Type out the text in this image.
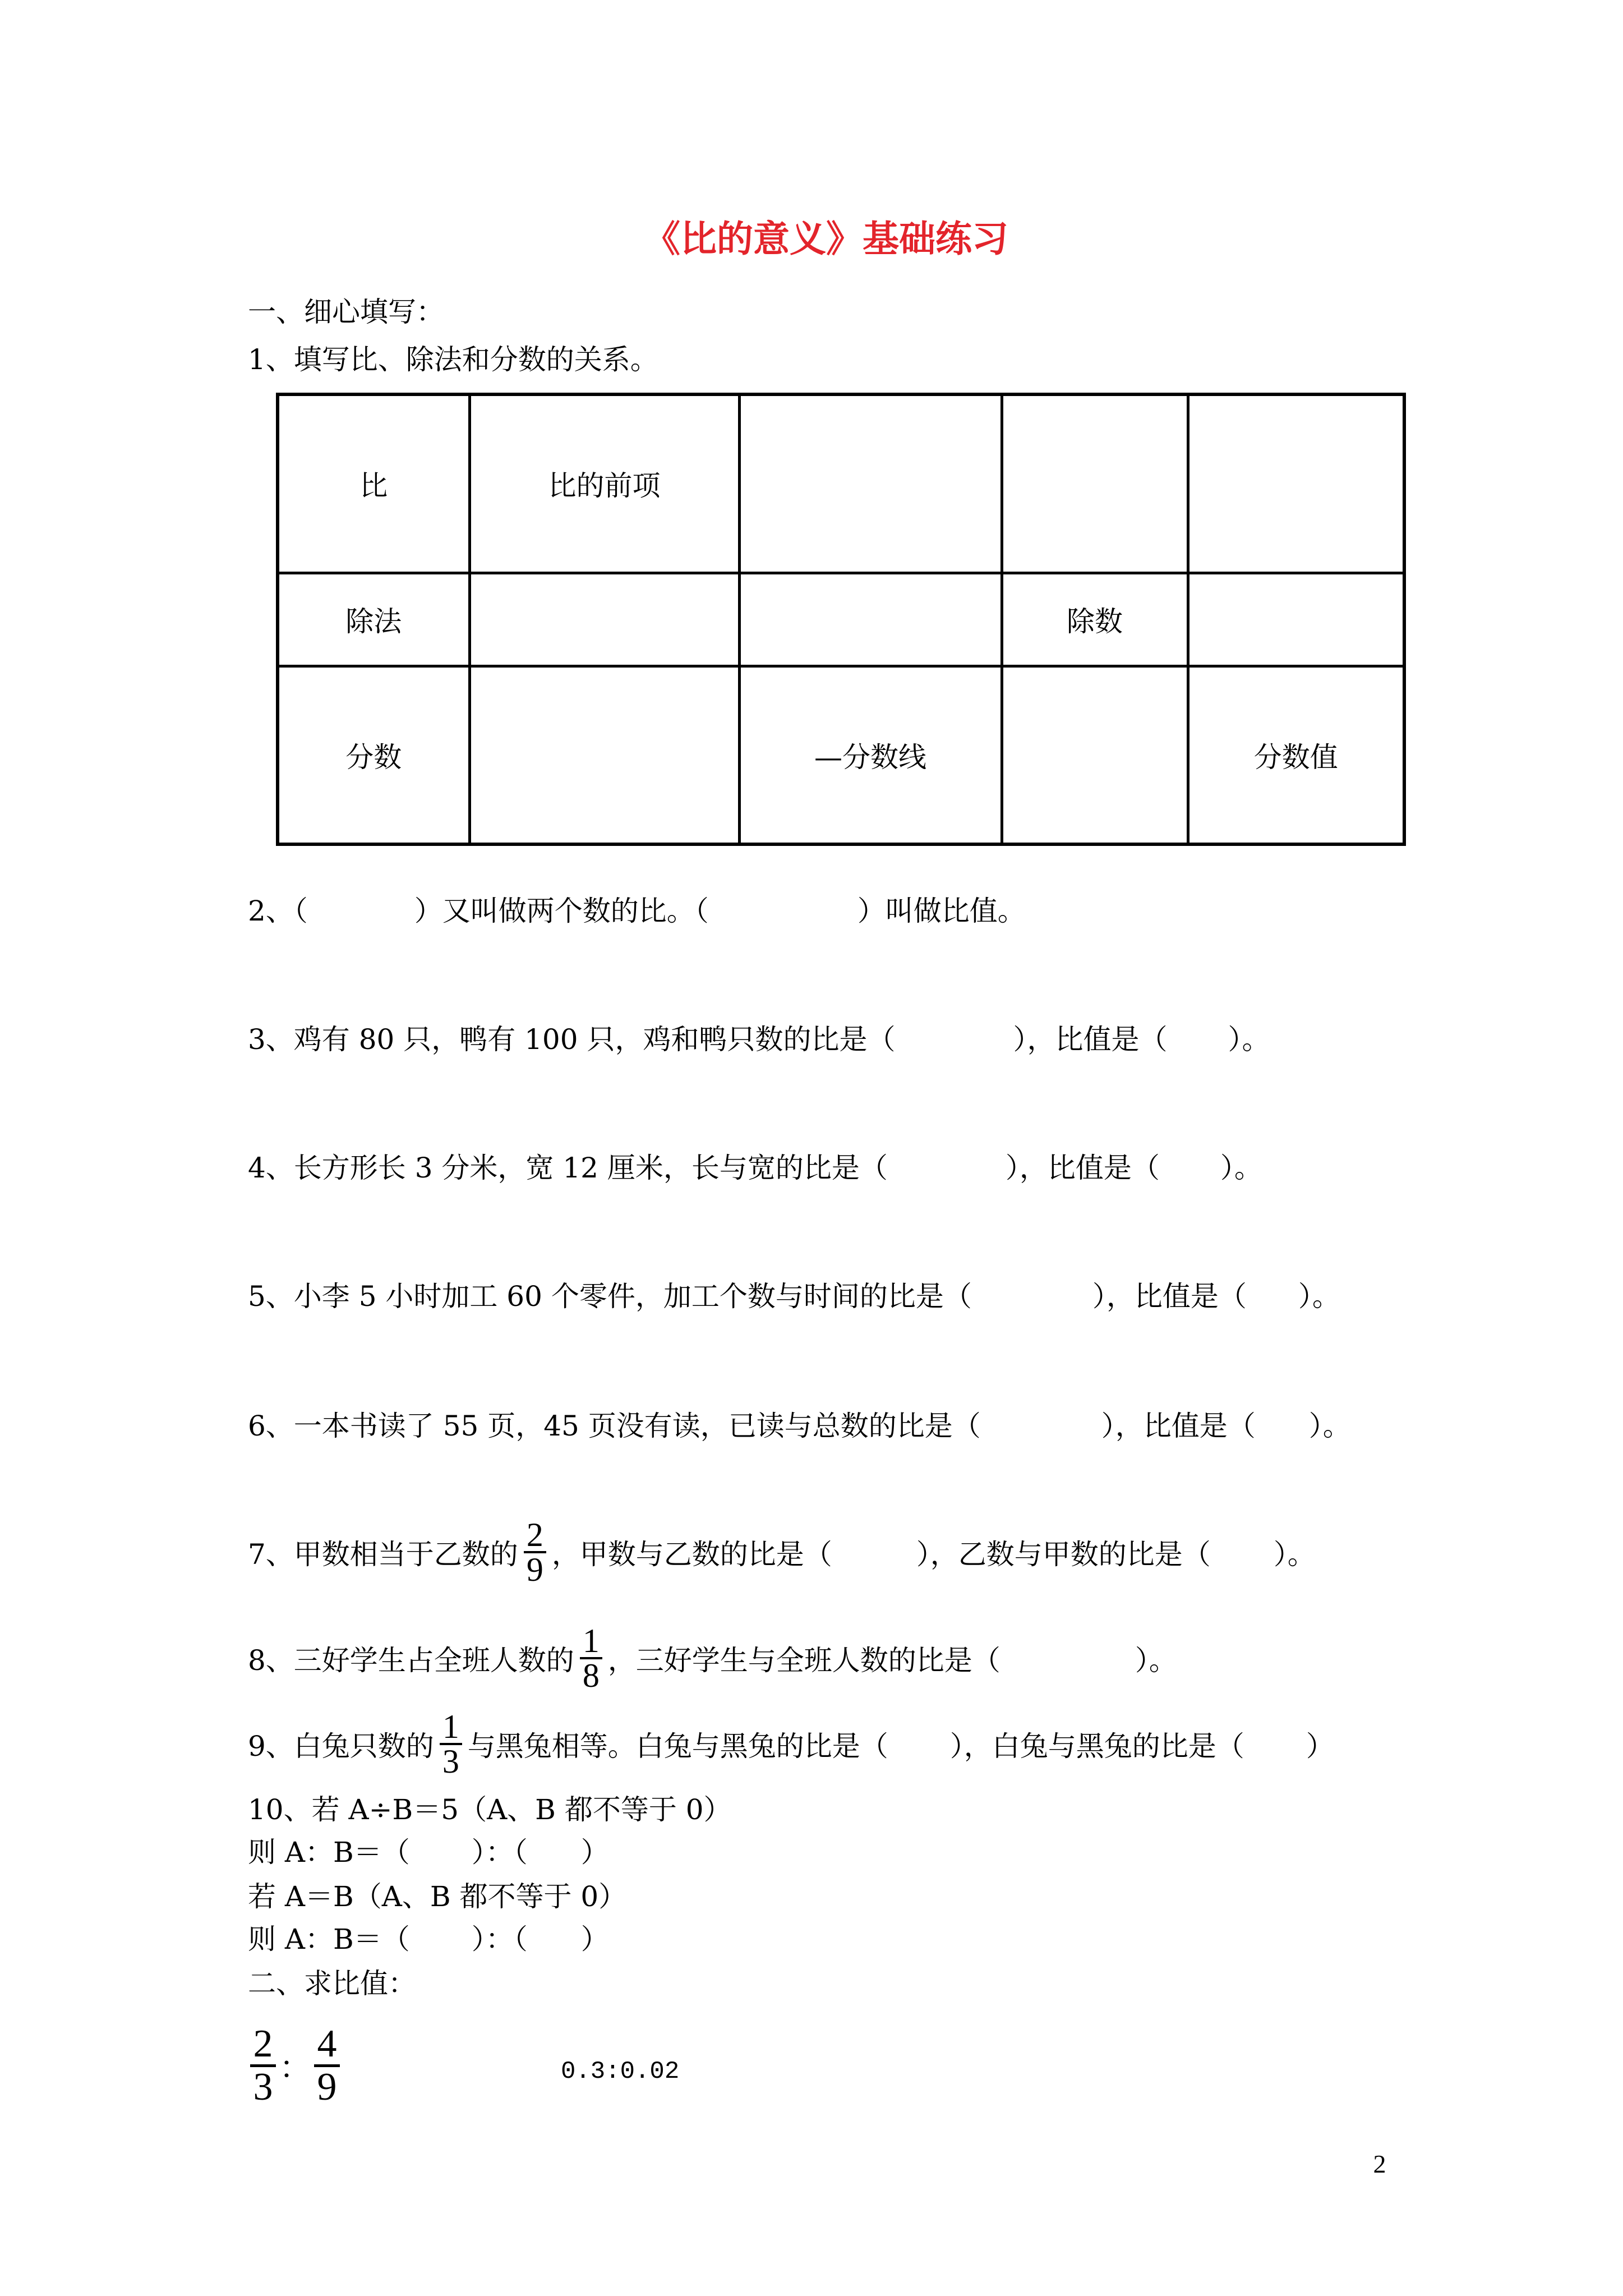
《比的意义》基础练习
一、细心填写：
1、填写比、除法和分数的关系。
比	比的前项			
除法			除数	
分数		—分数线		分数值
2、（	）又叫做两个数的比。（	）叫做比值。
3、鸡有 80 只，鸭有 100 只，鸡和鸭只数的比是（	），比值是（ ）。
4、长方形长 3 分米，宽 12 厘米，长与宽的比是（	），比值是（ ）。
5、小李 5 小时加工 60 个零件，加工个数与时间的比是（	），比值是（ ）。
6、一本书读了 55 页，45 页没有读，已读与总数的比是（	），比值是（ ）。
7、甲数相当于乙数的 $\frac{2}{9}$ ，甲数与乙数的比是（	），乙数与甲数的比是（ ）。
8、三好学生占全班人数的 $\frac{1}{8}$ ，三好学生与全班人数的比是（	）。
9、白兔只数的 $\frac{1}{3}$ 与黑兔相等。白兔与黑兔的比是（ ），白兔与黑兔的比是（ ）
10、若 A÷B＝5（A、B 都不等于 0）
则 A：B＝（ ）：（ ）
若 A＝B（A、B 都不等于 0）
则 A：B＝（ ）：（ ）
二、求比值：
2
3 ：
4
9	0.3:0.02
2
